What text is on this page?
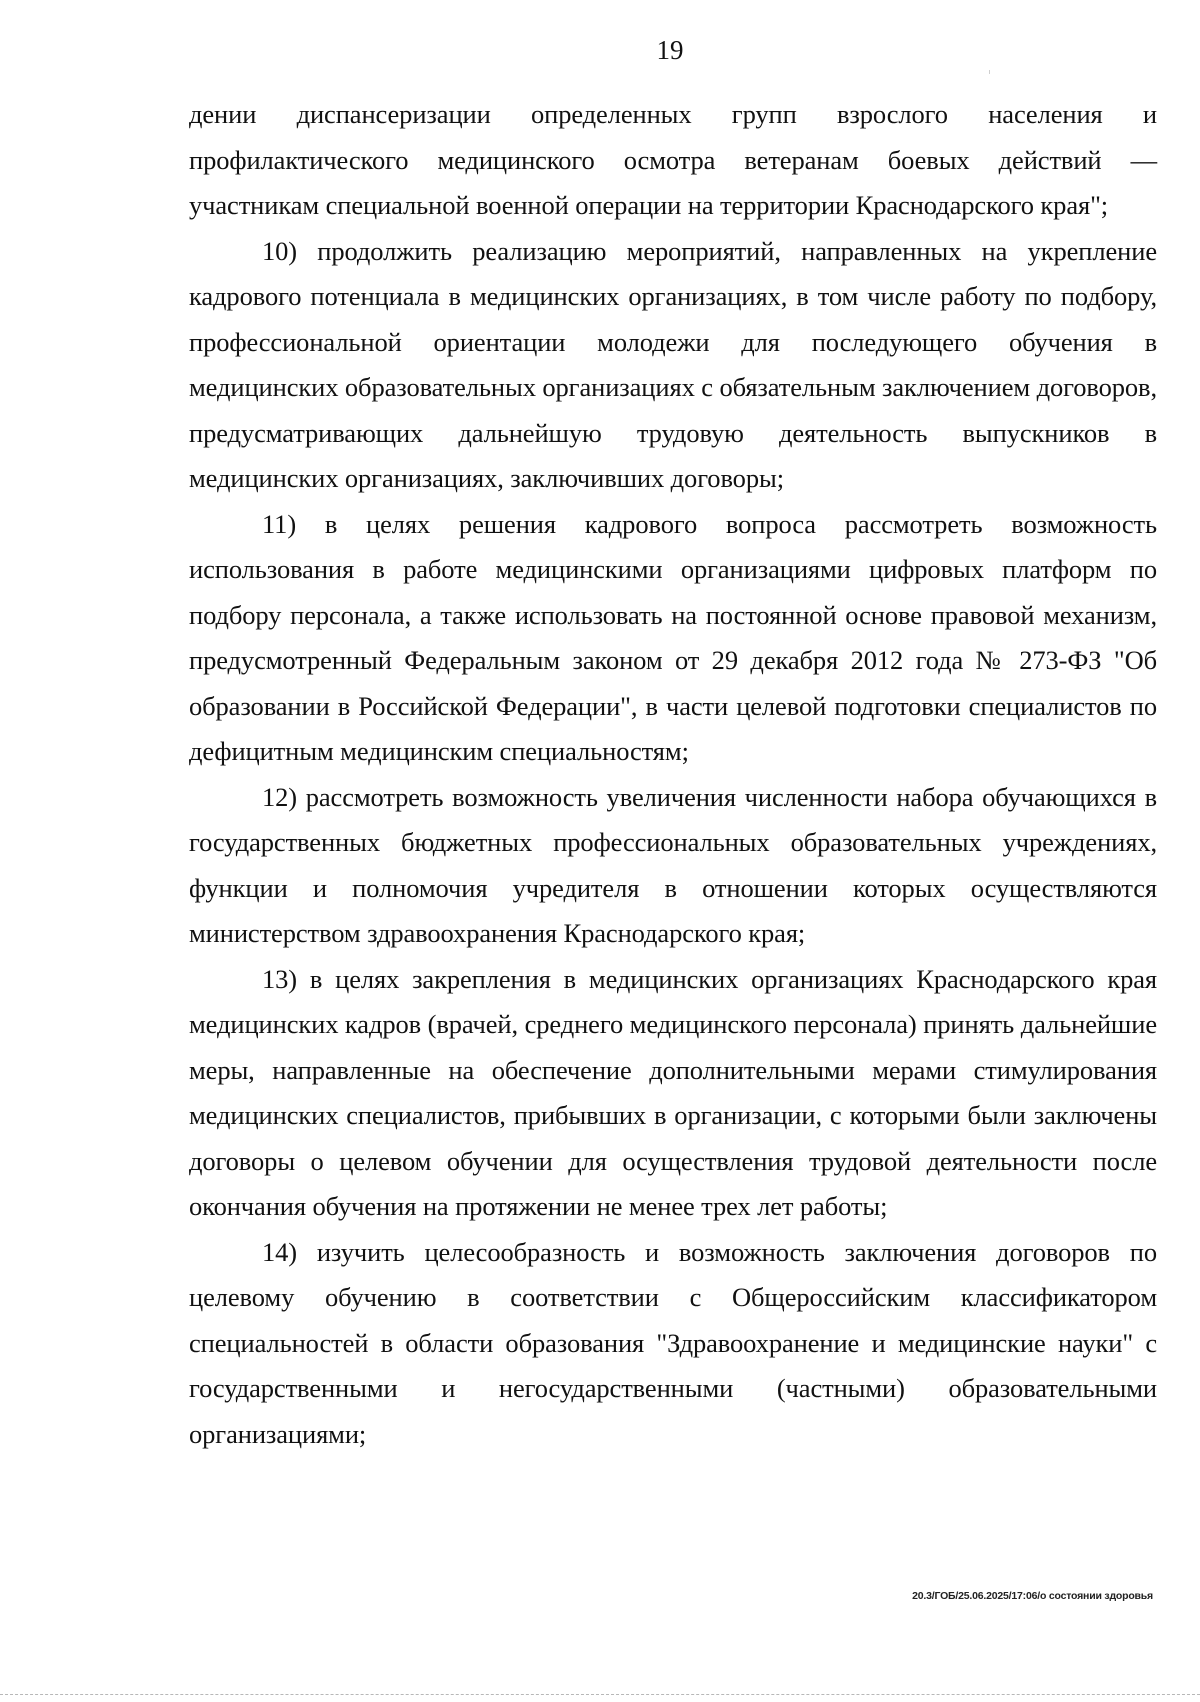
19

дении диспансеризации определенных групп взрослого населения и профилактического медицинского осмотра ветеранам боевых действий — участникам специальной военной операции на территории Краснодарского края";

10) продолжить реализацию мероприятий, направленных на укрепление кадрового потенциала в медицинских организациях, в том числе работу по подбору, профессиональной ориентации молодежи для последующего обучения в медицинских образовательных организациях с обязательным заключением договоров, предусматривающих дальнейшую трудовую деятельность выпускников в медицинских организациях, заключивших договоры;

11) в целях решения кадрового вопроса рассмотреть возможность использования в работе медицинскими организациями цифровых платформ по подбору персонала, а также использовать на постоянной основе правовой механизм, предусмотренный Федеральным законом от 29 декабря 2012 года № 273-ФЗ "Об образовании в Российской Федерации", в части целевой подготовки специалистов по дефицитным медицинским специальностям;

12) рассмотреть возможность увеличения численности набора обучающихся в государственных бюджетных профессиональных образовательных учреждениях, функции и полномочия учредителя в отношении которых осуществляются министерством здравоохранения Краснодарского края;

13) в целях закрепления в медицинских организациях Краснодарского края медицинских кадров (врачей, среднего медицинского персонала) принять дальнейшие меры, направленные на обеспечение дополнительными мерами стимулирования медицинских специалистов, прибывших в организации, с которыми были заключены договоры о целевом обучении для осуществления трудовой деятельности после окончания обучения на протяжении не менее трех лет работы;

14) изучить целесообразность и возможность заключения договоров по целевому обучению в соответствии с Общероссийским классификатором специальностей в области образования "Здравоохранение и медицинские науки" с государственными и негосударственными (частными) образовательными организациями;

20.3/ГОБ/25.06.2025/17:06/о состоянии здоровья
